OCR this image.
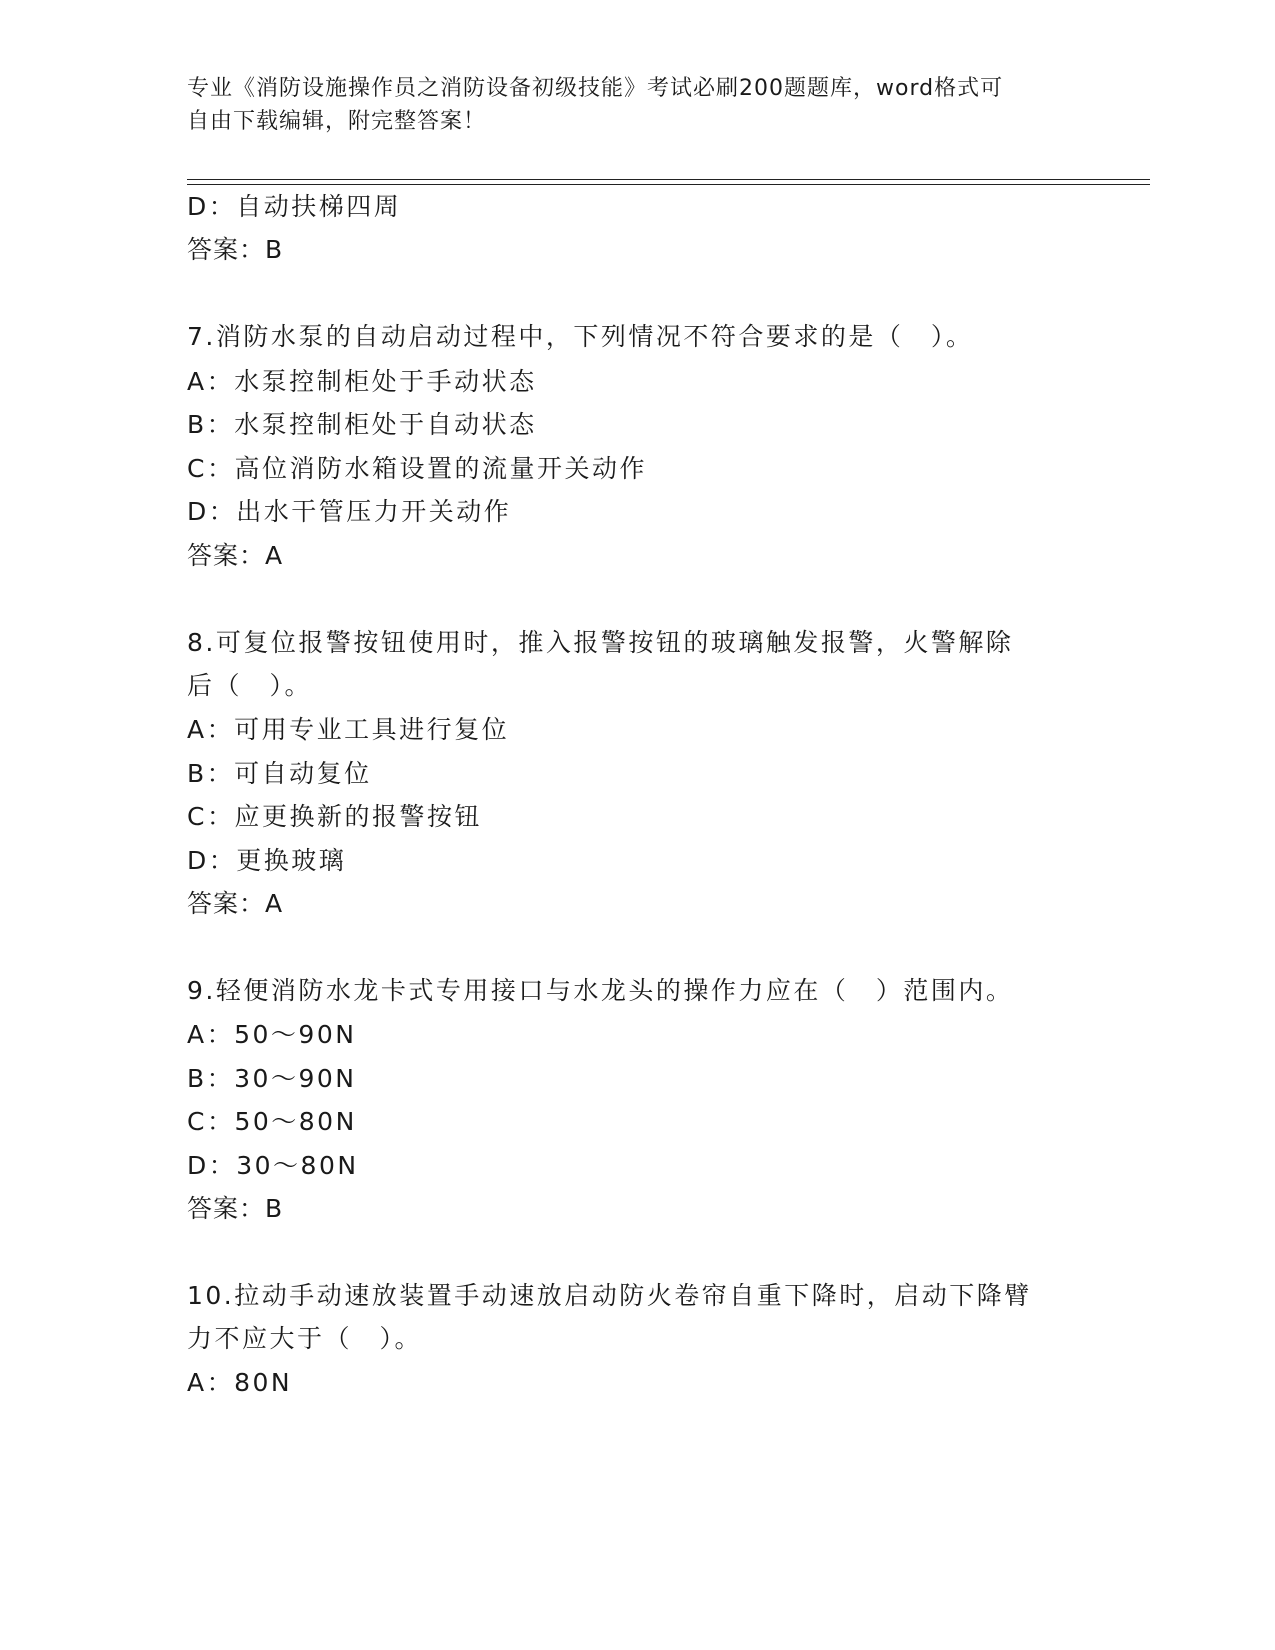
专业《消防设施操作员之消防设备初级技能》考试必刷200题题库，word格式可
自由下载编辑，附完整答案！
D：自动扶梯四周
答案：B
7.消防水泵的自动启动过程中，下列情况不符合要求的是（　）。
A：水泵控制柜处于手动状态
B：水泵控制柜处于自动状态
C：高位消防水箱设置的流量开关动作
D：出水干管压力开关动作
答案：A
8.可复位报警按钮使用时，推入报警按钮的玻璃触发报警，火警解除
后（　）。
A：可用专业工具进行复位
B：可自动复位
C：应更换新的报警按钮
D：更换玻璃
答案：A
9.轻便消防水龙卡式专用接口与水龙头的操作力应在（　）范围内。
A：50～90N
B：30～90N
C：50～80N
D：30～80N
答案：B
10.拉动手动速放装置手动速放启动防火卷帘自重下降时，启动下降臂
力不应大于（　）。
A：80N
